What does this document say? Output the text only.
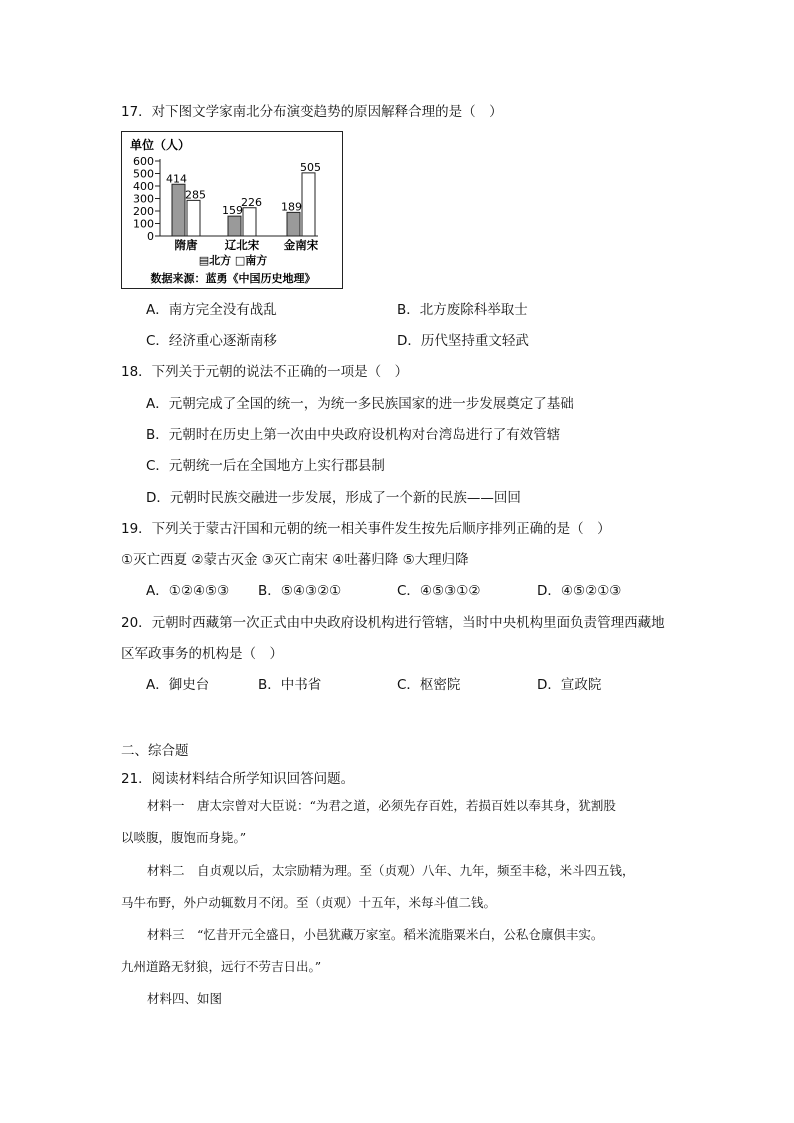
17．对下图文学家南北分布演变趋势的原因解释合理的是（　）
单位（人）
600
500
400
300
200
100
0
414
285
隋唐
159
226
辽北宋
189
505
金南宋
▤北方 □南方
数据来源：蓝勇《中国历史地理》
A．南方完全没有战乱	B．北方废除科举取士
C．经济重心逐渐南移	D．历代坚持重文轻武
18．下列关于元朝的说法不正确的一项是（　）
A．元朝完成了全国的统一，为统一多民族国家的进一步发展奠定了基础
B．元朝时在历史上第一次由中央政府设机构对台湾岛进行了有效管辖
C．元朝统一后在全国地方上实行郡县制
D．元朝时民族交融进一步发展，形成了一个新的民族——回回
19．下列关于蒙古汗国和元朝的统一相关事件发生按先后顺序排列正确的是（　）
①灭亡西夏 ②蒙古灭金 ③灭亡南宋 ④吐蕃归降 ⑤大理归降
A．①②④⑤③ B．⑤④③②①	C．④⑤③①②	D．④⑤②①③
20．元朝时西藏第一次正式由中央政府设机构进行管辖，当时中央机构里面负责管理西藏地
区军政事务的机构是（　）
A．御史台	B．中书省	C．枢密院	D．宣政院
二、综合题
21．阅读材料结合所学知识回答问题。
材料一　唐太宗曾对大臣说：“为君之道，必须先存百姓，若损百姓以奉其身，犹割股
以啖腹，腹饱而身毙。”
材料二　自贞观以后，太宗励精为理。至（贞观）八年、九年，频至丰稔，米斗四五钱，
马牛布野，外户动辄数月不闭。至（贞观）十五年，米每斗值二钱。
材料三　“忆昔开元全盛日，小邑犹藏万家室。稻米流脂粟米白，公私仓廪俱丰实。
九州道路无豺狼，远行不劳吉日出。”
材料四、如图
